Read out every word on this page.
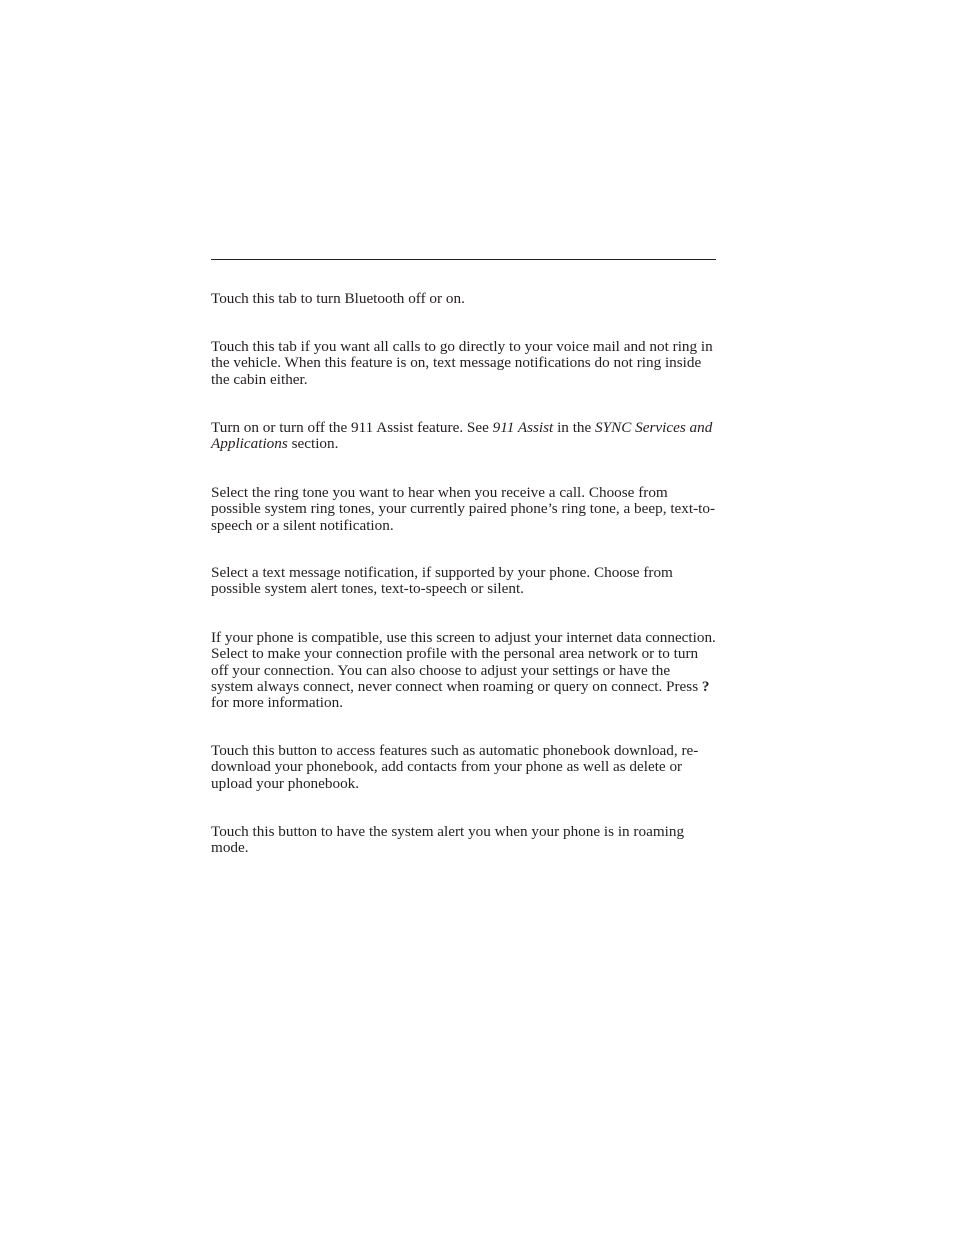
Touch this tab to turn Bluetooth off or on.

Touch this tab if you want all calls to go directly to your voice mail and not ring in the vehicle. When this feature is on, text message notifications do not ring inside the cabin either.

Turn on or turn off the 911 Assist feature. See 911 Assist in the SYNC Services and Applications section.

Select the ring tone you want to hear when you receive a call. Choose from possible system ring tones, your currently paired phone’s ring tone, a beep, text-to-speech or a silent notification.

Select a text message notification, if supported by your phone. Choose from possible system alert tones, text-to-speech or silent.

If your phone is compatible, use this screen to adjust your internet data connection. Select to make your connection profile with the personal area network or to turn off your connection. You can also choose to adjust your settings or have the system always connect, never connect when roaming or query on connect. Press ? for more information.

Touch this button to access features such as automatic phonebook download, re-download your phonebook, add contacts from your phone as well as delete or upload your phonebook.

Touch this button to have the system alert you when your phone is in roaming mode.
